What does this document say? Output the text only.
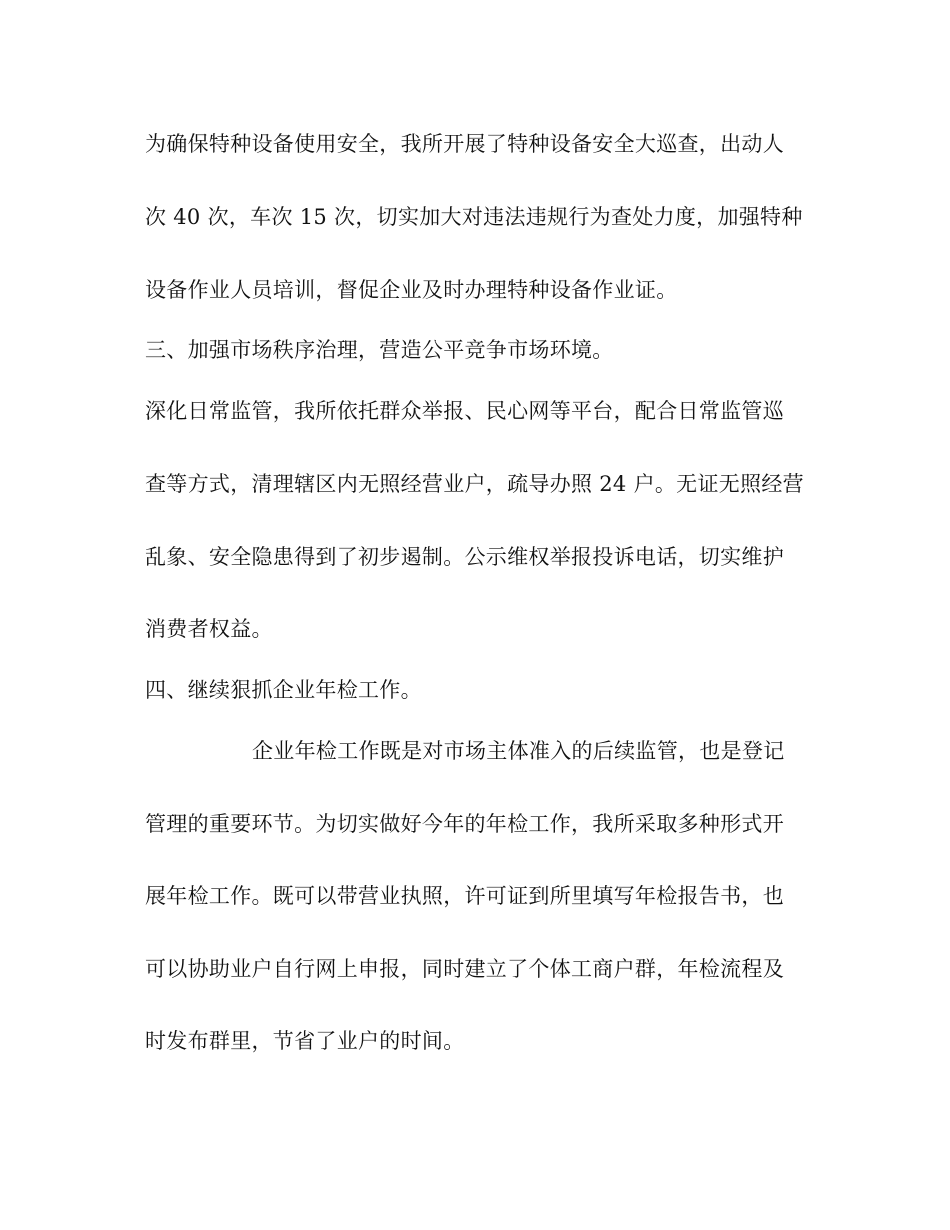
为确保特种设备使用安全，我所开展了特种设备安全大巡查，出动人
次 40 次，车次 15 次，切实加大对违法违规行为查处力度，加强特种
设备作业人员培训，督促企业及时办理特种设备作业证。
三、加强市场秩序治理，营造公平竞争市场环境。
深化日常监管，我所依托群众举报、民心网等平台，配合日常监管巡
查等方式，清理辖区内无照经营业户，疏导办照 24 户。无证无照经营
乱象、安全隐患得到了初步遏制。公示维权举报投诉电话，切实维护
消费者权益。
四、继续狠抓企业年检工作。
企业年检工作既是对市场主体准入的后续监管，也是登记
管理的重要环节。为切实做好今年的年检工作，我所采取多种形式开
展年检工作。既可以带营业执照，许可证到所里填写年检报告书，也
可以协助业户自行网上申报，同时建立了个体工商户群，年检流程及
时发布群里，节省了业户的时间。
